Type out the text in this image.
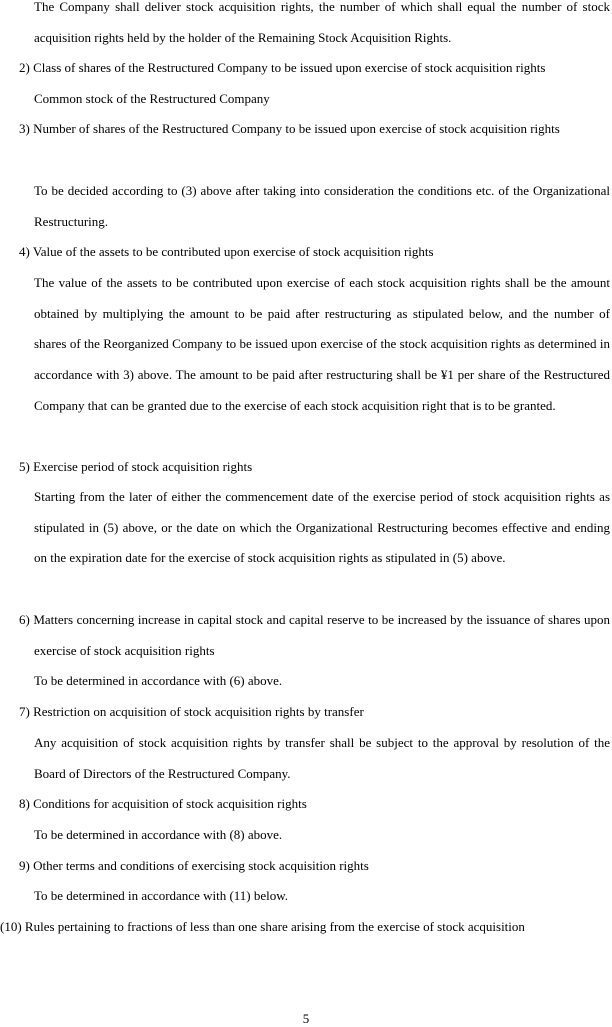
The Company shall deliver stock acquisition rights, the number of which shall equal the number of stock acquisition rights held by the holder of the Remaining Stock Acquisition Rights.

2) Class of shares of the Restructured Company to be issued upon exercise of stock acquisition rights

Common stock of the Restructured Company

3) Number of shares of the Restructured Company to be issued upon exercise of stock acquisition rights

To be decided according to (3) above after taking into consideration the conditions etc. of the Organizational Restructuring.

4) Value of the assets to be contributed upon exercise of stock acquisition rights

The value of the assets to be contributed upon exercise of each stock acquisition rights shall be the amount obtained by multiplying the amount to be paid after restructuring as stipulated below, and the number of shares of the Reorganized Company to be issued upon exercise of the stock acquisition rights as determined in accordance with 3) above. The amount to be paid after restructuring shall be ¥1 per share of the Restructured Company that can be granted due to the exercise of each stock acquisition right that is to be granted.

5) Exercise period of stock acquisition rights

Starting from the later of either the commencement date of the exercise period of stock acquisition rights as stipulated in (5) above, or the date on which the Organizational Restructuring becomes effective and ending on the expiration date for the exercise of stock acquisition rights as stipulated in (5) above.

6) Matters concerning increase in capital stock and capital reserve to be increased by the issuance of shares upon exercise of stock acquisition rights

To be determined in accordance with (6) above.

7) Restriction on acquisition of stock acquisition rights by transfer

Any acquisition of stock acquisition rights by transfer shall be subject to the approval by resolution of the Board of Directors of the Restructured Company.

8) Conditions for acquisition of stock acquisition rights

To be determined in accordance with (8) above.

9) Other terms and conditions of exercising stock acquisition rights

To be determined in accordance with (11) below.

(10) Rules pertaining to fractions of less than one share arising from the exercise of stock acquisition

5
